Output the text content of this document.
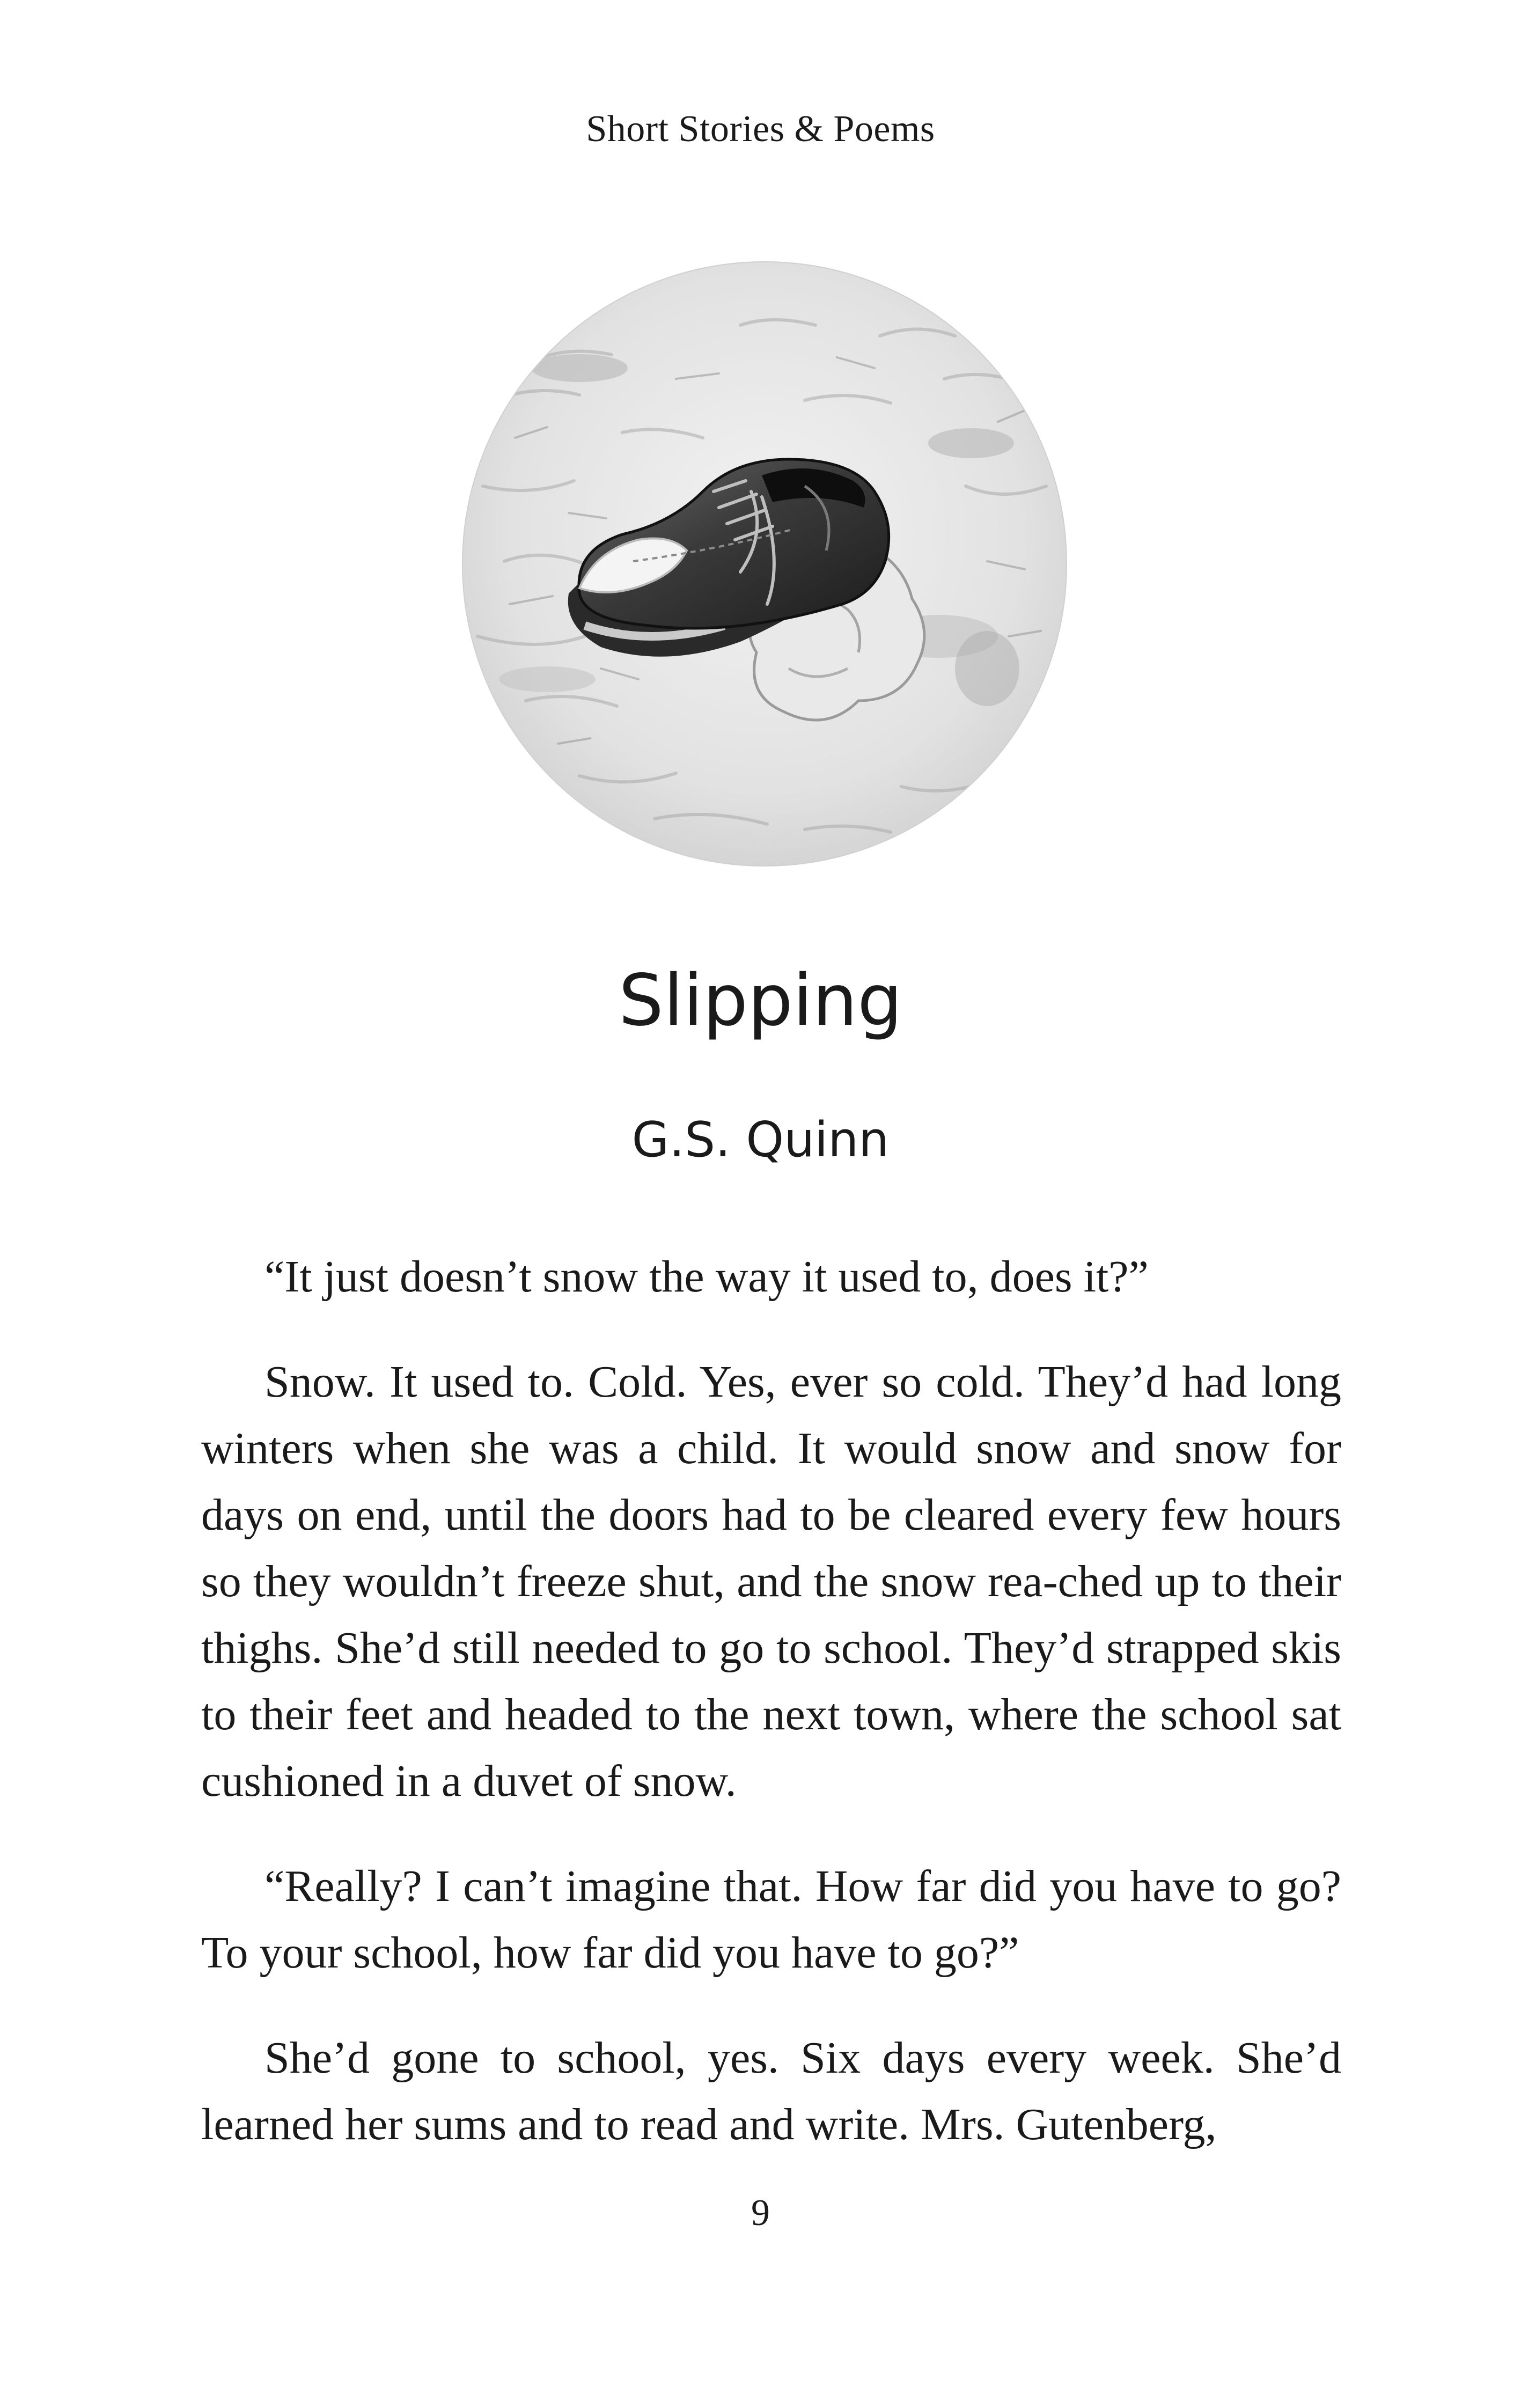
Short Stories & Poems
Slipping
G.S. Quinn

“It just doesn’t snow the way it used to, does it?”

Snow. It used to. Cold. Yes, ever so cold. They’d had long winters when she was a child. It would snow and snow for days on end, until the doors had to be cleared every few hours so they wouldn’t freeze shut, and the snow rea-ched up to their thighs. She’d still needed to go to school. They’d strapped skis to their feet and headed to the next town, where the school sat cushioned in a duvet of snow.

“Really? I can’t imagine that. How far did you have to go? To your school, how far did you have to go?”

She’d gone to school, yes. Six days every week. She’d learned her sums and to read and write. Mrs. Gutenberg,

9
